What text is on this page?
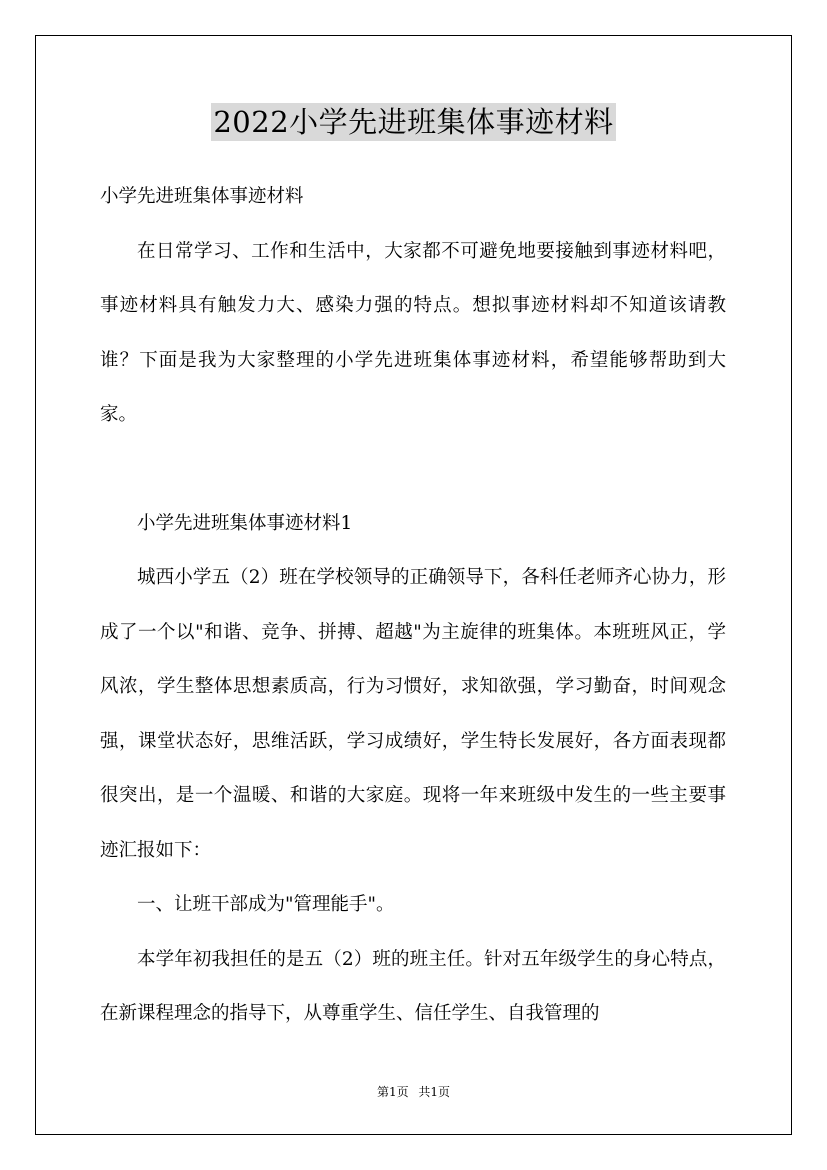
2022小学先进班集体事迹材料

小学先进班集体事迹材料

在日常学习、工作和生活中，大家都不可避免地要接触到事迹材料吧，事迹材料具有触发力大、感染力强的特点。想拟事迹材料却不知道该请教谁？下面是我为大家整理的小学先进班集体事迹材料，希望能够帮助到大家。

小学先进班集体事迹材料1

城西小学五（2）班在学校领导的正确领导下，各科任老师齐心协力，形成了一个以"和谐、竞争、拼搏、超越"为主旋律的班集体。本班班风正，学风浓，学生整体思想素质高，行为习惯好，求知欲强，学习勤奋，时间观念强，课堂状态好，思维活跃，学习成绩好，学生特长发展好，各方面表现都很突出，是一个温暖、和谐的大家庭。现将一年来班级中发生的一些主要事迹汇报如下：

一、让班干部成为"管理能手"。

本学年初我担任的是五（2）班的班主任。针对五年级学生的身心特点，在新课程理念的指导下，从尊重学生、信任学生、自我管理的

第1页 共1页
